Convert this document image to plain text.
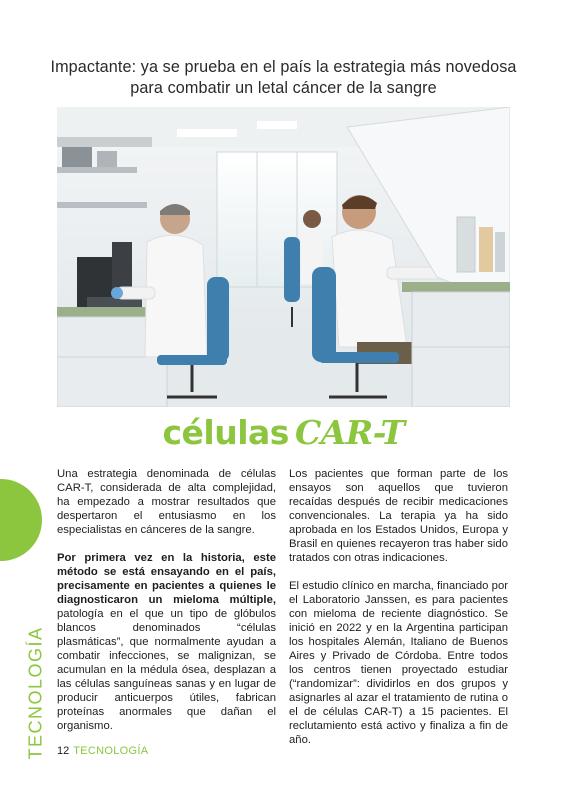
Impactante: ya se prueba en el país la estrategia más novedosa para combatir un letal cáncer de la sangre
células CAR-T
TECNOLOGÍA

Una estrategia denominada de células CAR-T, considerada de alta complejidad, ha empezado a mostrar resultados que despertaron el entusiasmo en los especialistas en cánceres de la sangre.

Por primera vez en la historia, este método se está ensayando en el país, precisamente en pacientes a quienes le diagnosticaron un mieloma múltiple, patología en el que un tipo de glóbulos blancos denominados “células plasmáticas”, que normalmente ayudan a combatir infecciones, se malignizan, se acumulan en la médula ósea, desplazan a las células sanguíneas sanas y en lugar de producir anticuerpos útiles, fabrican proteínas anormales que dañan el organismo.

Los pacientes que forman parte de los ensayos son aquellos que tuvieron recaídas después de recibir medicaciones convencionales. La terapia ya ha sido aprobada en los Estados Unidos, Europa y Brasil en quienes recayeron tras haber sido tratados con otras indicaciones.

El estudio clínico en marcha, financiado por el Laboratorio Janssen, es para pacientes con mieloma de reciente diagnóstico. Se inició en 2022 y en la Argentina participan los hospitales Alemán, Italiano de Buenos Aires y Privado de Córdoba. Entre todos los centros tienen proyectado estudiar (“randomizar”: dividirlos en dos grupos y asignarles al azar el tratamiento de rutina o el de células CAR-T) a 15 pacientes. El reclutamiento está activo y finaliza a fin de año.

12 TECNOLOGÍA
